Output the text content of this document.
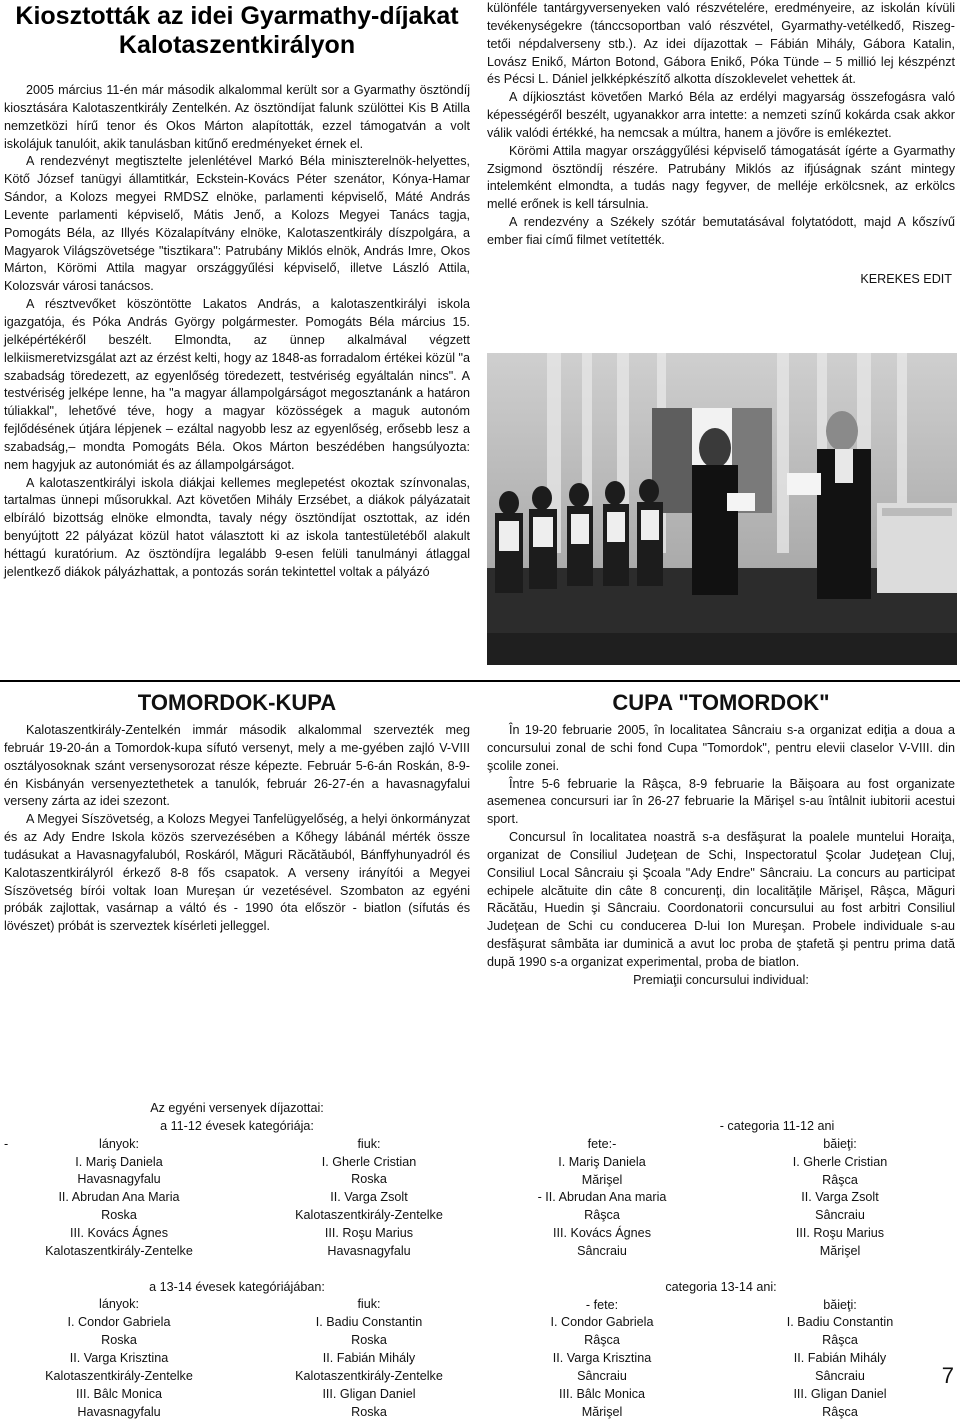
Kiosztották az idei Gyarmathy-díjakat Kalotaszentkirályon

2005 március 11-én már második alkalommal került sor a Gyarmathy ösztöndíj kiosztására Kalotaszentkirály Zentelkén. Az ösztöndíjat falunk szülöttei Kis B Atilla nemzetközi hírű tenor és Okos Márton alapították, ezzel támogatván a volt iskolájuk tanulóit, akik tanulásban kitűnő eredményeket érnek el.

A rendezvényt megtisztelte jelenlétével Markó Béla miniszterelnök-helyettes, Kötő József tanügyi államtitkár, Eckstein-Kovács Péter szenátor, Kónya-Hamar Sándor, a Kolozs megyei RMDSZ elnöke, parlamenti képviselő, Máté András Levente parlamenti képviselő, Mátis Jenő, a Kolozs Megyei Tanács tagja, Pomogáts Béla, az Illyés Közalapítvány elnöke, Kalotaszentkirály díszpolgára, a Magyarok Világszövetsége "tisztikara": Patrubány Miklós elnök, András Imre, Okos Márton, Körömi Attila magyar országgyűlési képviselő, illetve László Attila, Kolozsvár városi tanácsos.

A résztvevőket köszöntötte Lakatos András, a kalotaszentkirályi iskola igazgatója, és Póka András György polgármester. Pomogáts Béla március 15. jelképértékéről beszélt. Elmondta, az ünnep alkalmával végzett lelkiismeretvizsgálat azt az érzést kelti, hogy az 1848-as forradalom értékei közül "a szabadság töredezett, az egyenlőség töredezett, testvériség egyáltalán nincs". A testvériség jelképe lenne, ha "a magyar állampolgárságot megosztanánk a határon túliakkal", lehetővé téve, hogy a magyar közösségek a maguk autonóm fejlődésének útjára lépjenek – ezáltal nagyobb lesz az egyenlőség, erősebb lesz a szabadság,– mondta Pomogáts Béla. Okos Márton beszédében hangsúlyozta: nem hagyjuk az autonómiát és az állampolgárságot.

A kalotaszentkirályi iskola diákjai kellemes meglepetést okoztak színvonalas, tartalmas ünnepi műsorukkal. Azt követően Mihály Erzsébet, a diákok pályázatait elbíráló bizottság elnöke elmondta, tavaly négy ösztöndíjat osztottak, az idén benyújtott 22 pályázat közül hatot választott ki az iskola tantestületéből alakult héttagú kuratórium. Az ösztöndíjra legalább 9-esen felüli tanulmányi átlaggal jelentkező diákok pályázhattak, a pontozás során tekintettel voltak a pályázó

különféle tantárgyversenyeken való részvételére, eredményeire, az iskolán kívüli tevékenységekre (tánccsoportban való részvétel, Gyarmathy-vetélkedő, Riszeg-tetői népdalverseny stb.). Az idei díjazottak – Fábián Mihály, Gábora Katalin, Lovász Enikő, Márton Botond, Gábora Enikő, Póka Tünde – 5 millió lej készpénzt és Pécsi L. Dániel jelkképkészítő alkotta díszoklevelet vehettek át.

A díjkiosztást követően Markó Béla az erdélyi magyarság összefogásra való képességéről beszélt, ugyanakkor arra intette: a nemzeti színű kokárda csak akkor válik valódi értékké, ha nemcsak a múltra, hanem a jövőre is emlékeztet.

Körömi Attila magyar országgyűlési képviselő támogatását ígérte a Gyarmathy Zsigmond ösztöndíj részére. Patrubány Miklós az ifjúságnak szánt mintegy intelemként elmondta, a tudás nagy fegyver, de melléje erkölcsnek, az erkölcs mellé erőnek is kell társulnia.

A rendezvény a Székely szótár bemutatásával folytatódott, majd A kőszívű ember fiai című filmet vetítették.

KEREKES EDIT
TOMORDOK-KUPA

Kalotaszentkirály-Zentelkén immár második alkalommal szervezték meg február 19-20-án a Tomordok-kupa sífutó versenyt, mely a me-gyében zajló V-VIII osztályosoknak szánt versenysorozat része képezte. Február 5-6-án Roskán, 8-9-én Kisbányán versenyeztethetek a tanulók, február 26-27-én a havasnagyfalui verseny zárta az idei szezont.

A Megyei Síszövetség, a Kolozs Megyei Tanfelügyelőség, a helyi önkormányzat és az Ady Endre Iskola közös szervezésében a Kőhegy lábánál mérték össze tudásukat a Havasnagyfaluból, Roskáról, Măguri Răcătăuból, Bánffyhunyadról és Kalotaszentkirályról érkező 8-8 fős csapatok. A verseny irányítói a Megyei Síszövetség bírói voltak Ioan Mureşan úr vezetésével. Szombaton az egyéni próbák zajlottak, vasárnap a váltó és - 1990 óta először - biatlon (sífutás és lövészet) próbát is szerveztek kísérleti jelleggel.

Az egyéni versenyek díjazottai:
a 11-12 évesek kategóriája:
-	lányok:	fiuk:
I. Mariş Daniela	I. Gherle Cristian
Havasnagyfalu	Roska
II. Abrudan Ana Maria	II. Varga Zsolt
Roska	Kalotaszentkirály-Zentelke
III. Kovács Ágnes	III. Roşu Marius
Kalotaszentkirály-Zentelke	Havasnagyfalu
a 13-14 évesek kategóriájában:
lányok:	fiuk:
I. Condor Gabriela	I. Badiu Constantin
Roska	Roska
II. Varga Krisztina	II. Fabián Mihály
Kalotaszentkirály-Zentelke	Kalotaszentkirály-Zentelke
III. Bâlc Monica	III. Gligan Daniel
Havasnagyfalu	Roska
CUPA "TOMORDOK"

În 19-20 februarie 2005, în localitatea Sâncraiu s-a organizat ediţia a doua a concursului zonal de schi fond Cupa "Tomordok", pentru elevii claselor V-VIII. din şcolile zonei.

Între 5-6 februarie la Râşca, 8-9 februarie la Băişoara au fost organizate asemenea concursuri iar în 26-27 februarie la Mărişel s-au întâlnit iubitorii acestui sport.

Concursul în localitatea noastră s-a desfăşurat la poalele muntelui Horaiţa, organizat de Consiliul Judeţean de Schi, Inspectoratul Şcolar Judeţean Cluj, Consiliul Local Sâncraiu şi Şcoala "Ady Endre" Sâncraiu. La concurs au participat echipele alcătuite din câte 8 concurenţi, din localităţile Mărişel, Râşca, Măguri Răcătău, Huedin şi Sâncraiu. Coordonatorii concursului au fost arbitri Consiliul Judeţean de Schi cu conducerea D-lui Ion Mureşan. Probele individuale s-au desfăşurat sâmbăta iar duminică a avut loc proba de ştafetă şi pentru prima dată după 1990 s-a organizat experimental, proba de biatlon.

Premiaţii concursului individual:
- categoria 11-12 ani
fete:-	băieţi:
I. Mariş Daniela	I. Gherle Cristian
Mărişel	Râşca
- II. Abrudan Ana maria	II. Varga Zsolt
Râşca	Sâncraiu
III. Kovács Ágnes	III. Roşu Marius
Sâncraiu	Mărişel
categoria 13-14 ani:
- fete:	băieţi:
I. Condor Gabriela	I. Badiu Constantin
Râşca	Râşca
II. Varga Krisztina	II. Fabián Mihály
Sâncraiu	Sâncraiu
III. Bâlc Monica	III. Gligan Daniel
Mărişel	Râşca
7
